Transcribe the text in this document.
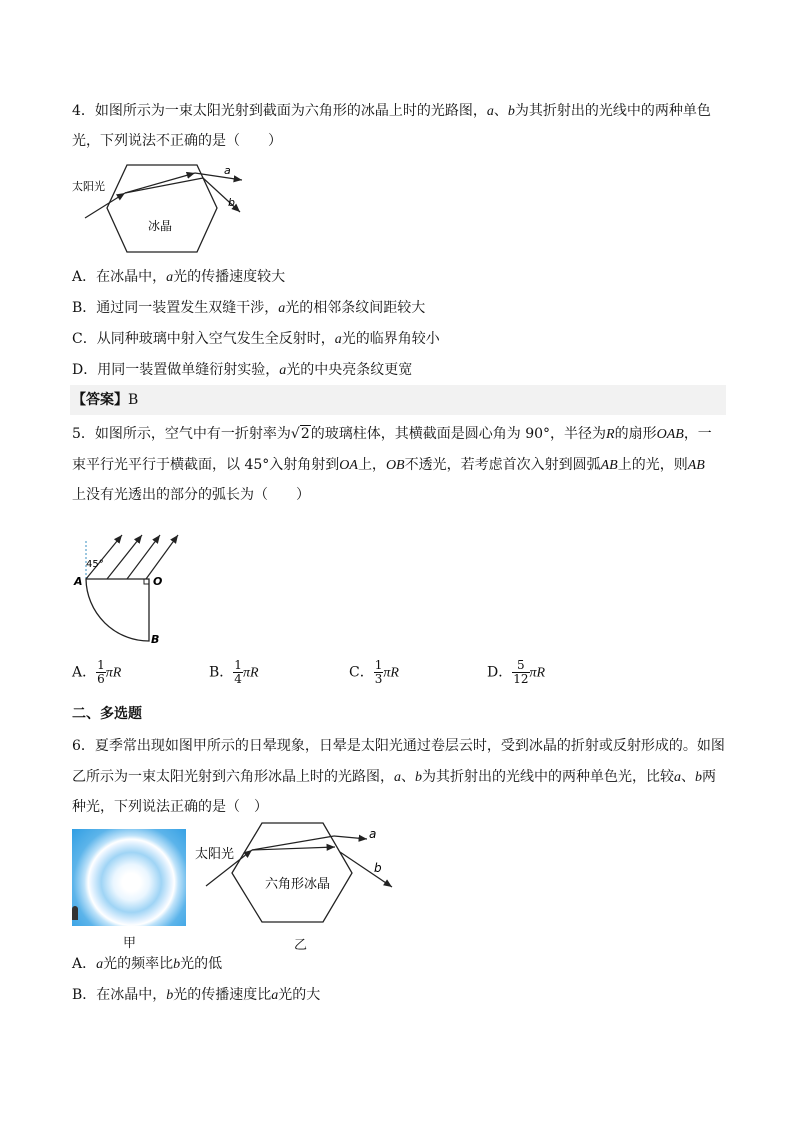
4．如图所示为一束太阳光射到截面为六角形的冰晶上时的光路图，a、b为其折射出的光线中的两种单色
光，下列说法不正确的是（　　）
太阳光
冰晶
a
b
A．在冰晶中，a光的传播速度较大
B．通过同一装置发生双缝干涉，a光的相邻条纹间距较大
C．从同种玻璃中射入空气发生全反射时，a光的临界角较小
D．用同一装置做单缝衍射实验，a光的中央亮条纹更宽
【答案】B
5．如图所示，空气中有一折射率为√2的玻璃柱体，其横截面是圆心角为 90°，半径为R的扇形OAB，一
束平行光平行于横截面，以 45°入射角射到OA上，OB不透光，若考虑首次入射到圆弧AB上的光，则AB
上没有光透出的部分的弧长为（　　）
45°
A	O
B
A． $\frac{1}{6}$ πR	B． $\frac{1}{4}$ πR	C． $\frac{1}{3}$ πR	D． $\frac{5}{12}$ πR
二、多选题
6．夏季常出现如图甲所示的日晕现象，日晕是太阳光通过卷层云时，受到冰晶的折射或反射形成的。如图
乙所示为一束太阳光射到六角形冰晶上时的光路图，a、b为其折射出的光线中的两种单色光，比较a、b两
种光，下列说法正确的是（　）
甲
太阳光
六角形冰晶
a
b
乙
A．a光的频率比b光的低
B．在冰晶中，b光的传播速度比a光的大
